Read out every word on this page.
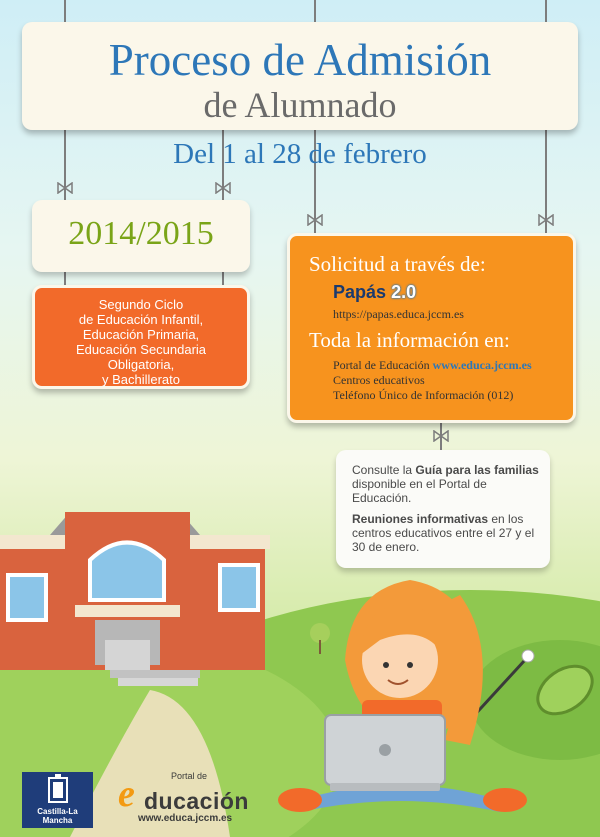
Proceso de Admisión
de Alumnado
Del 1 al 28 de febrero
2014/2015
Segundo Ciclo
de Educación Infantil,
Educación Primaria,
Educación Secundaria
Obligatoria,
y Bachillerato
Solicitud a través de:
Papás 2.0
https://papas.educa.jccm.es
Toda la información en:
Portal de Educación www.educa.jccm.es
Centros educativos
Teléfono Único de Información (012)
Consulte la Guía para las familias disponible en el Portal de Educación.
Reuniones informativas en los centros educativos entre el 27 y el 30 de enero.
Castilla-La Mancha
Portal de
e ducación
www.educa.jccm.es
